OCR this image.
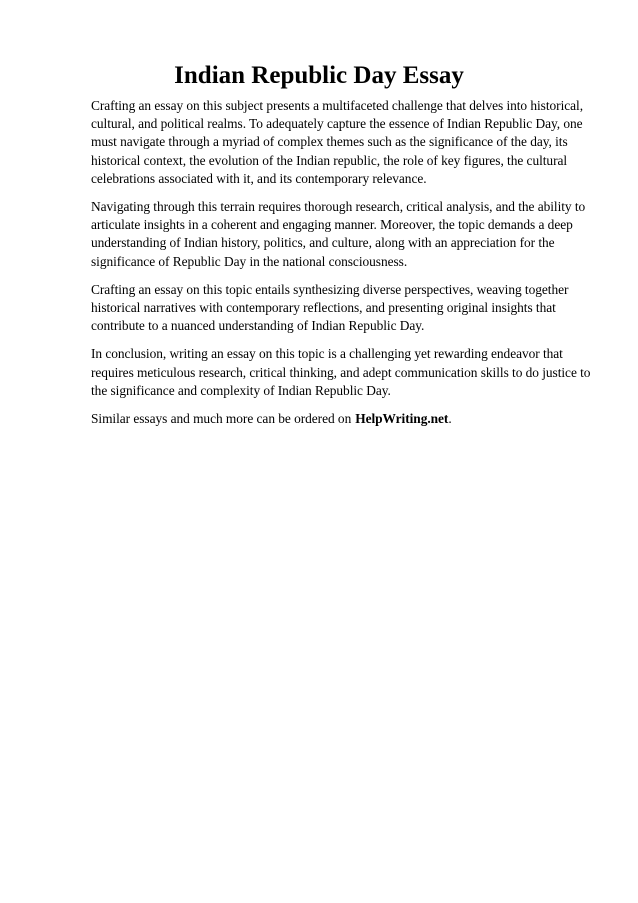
Indian Republic Day Essay

Crafting an essay on this subject presents a multifaceted challenge that delves into historical, cultural, and political realms. To adequately capture the essence of Indian Republic Day, one must navigate through a myriad of complex themes such as the significance of the day, its historical context, the evolution of the Indian republic, the role of key figures, the cultural celebrations associated with it, and its contemporary relevance.

Navigating through this terrain requires thorough research, critical analysis, and the ability to articulate insights in a coherent and engaging manner. Moreover, the topic demands a deep understanding of Indian history, politics, and culture, along with an appreciation for the significance of Republic Day in the national consciousness.

Crafting an essay on this topic entails synthesizing diverse perspectives, weaving together historical narratives with contemporary reflections, and presenting original insights that contribute to a nuanced understanding of Indian Republic Day.

In conclusion, writing an essay on this topic is a challenging yet rewarding endeavor that requires meticulous research, critical thinking, and adept communication skills to do justice to the significance and complexity of Indian Republic Day.

Similar essays and much more can be ordered on HelpWriting.net.
